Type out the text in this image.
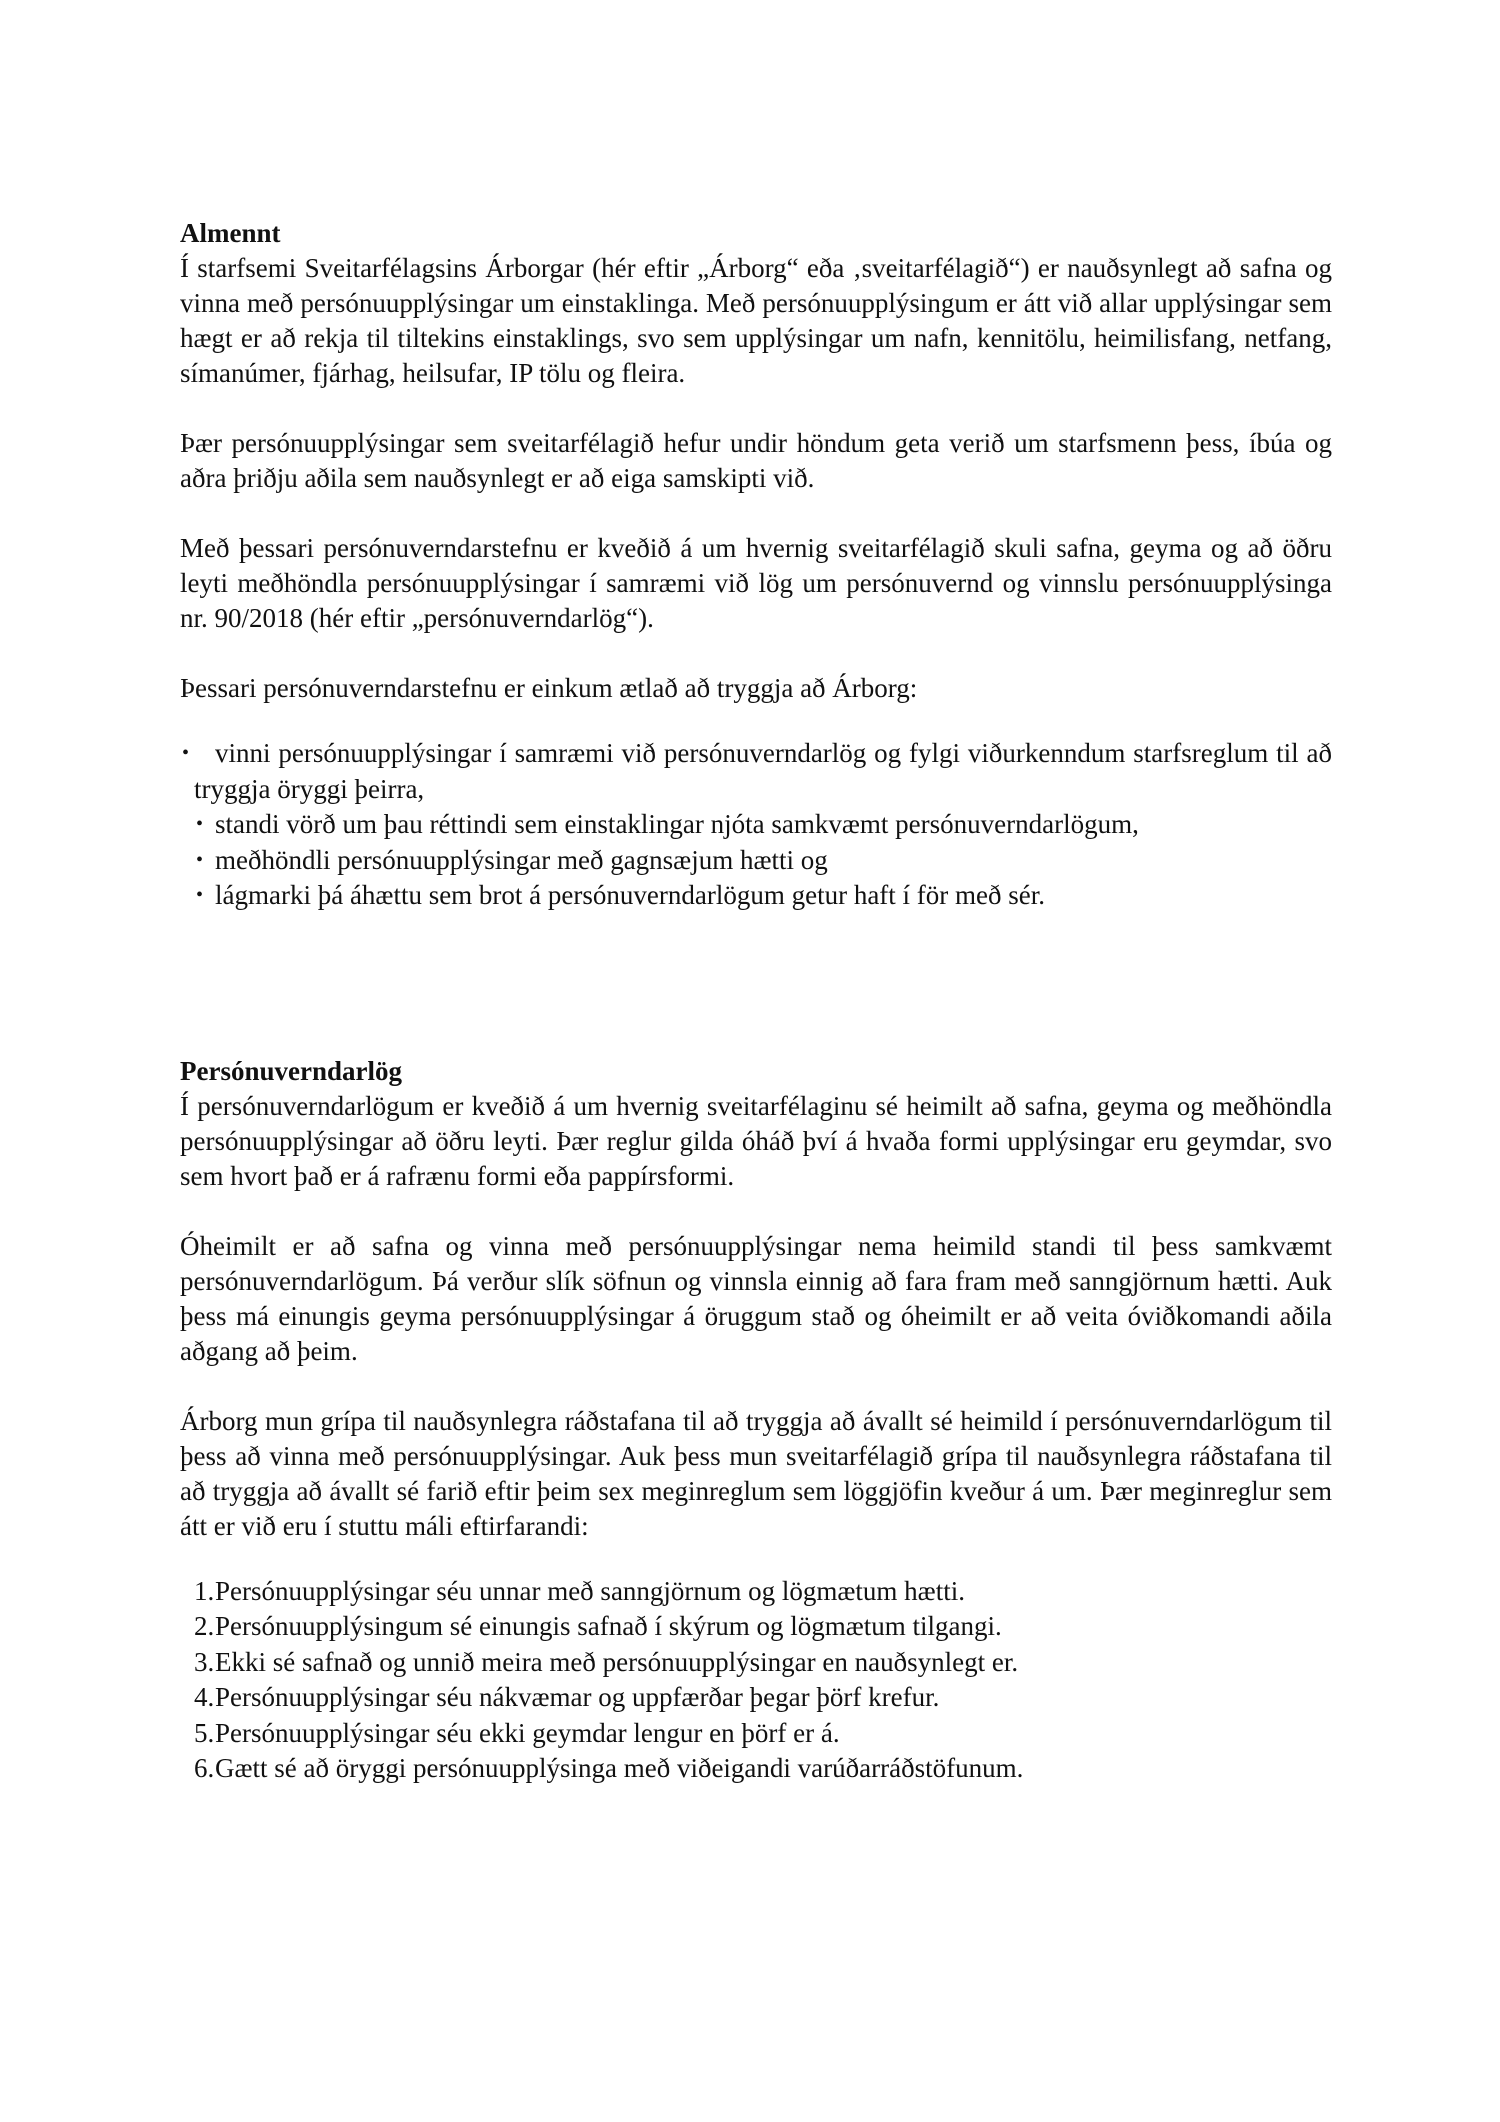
Almennt

Í starfsemi Sveitarfélagsins Árborgar (hér eftir „Árborg“ eða ‚sveitarfélagið“) er nauðsynlegt að safna og vinna með persónuupplýsingar um einstaklinga. Með persónuupplýsingum er átt við allar upplýsingar sem hægt er að rekja til tiltekins einstaklings, svo sem upplýsingar um nafn, kennitölu, heimilisfang, netfang, símanúmer, fjárhag, heilsufar, IP tölu og fleira.

Þær persónuupplýsingar sem sveitarfélagið hefur undir höndum geta verið um starfsmenn þess, íbúa og aðra þriðju aðila sem nauðsynlegt er að eiga samskipti við.

Með þessari persónuverndarstefnu er kveðið á um hvernig sveitarfélagið skuli safna, geyma og að öðru leyti meðhöndla persónuupplýsingar í samræmi við lög um persónuvernd og vinnslu persónuupplýsinga nr. 90/2018 (hér eftir „persónuverndarlög“).

Þessari persónuverndarstefnu er einkum ætlað að tryggja að Árborg:

• vinni persónuupplýsingar í samræmi við persónuverndarlög og fylgi viðurkenndum starfsreglum til að tryggja öryggi þeirra,
• standi vörð um þau réttindi sem einstaklingar njóta samkvæmt persónuverndarlögum,
• meðhöndli persónuupplýsingar með gagnsæjum hætti og
• lágmarki þá áhættu sem brot á persónuverndarlögum getur haft í för með sér.
Persónuverndarlög

Í persónuverndarlögum er kveðið á um hvernig sveitarfélaginu sé heimilt að safna, geyma og meðhöndla persónuupplýsingar að öðru leyti. Þær reglur gilda óháð því á hvaða formi upplýsingar eru geymdar, svo sem hvort það er á rafrænu formi eða pappírsformi.

Óheimilt er að safna og vinna með persónuupplýsingar nema heimild standi til þess samkvæmt persónuverndarlögum. Þá verður slík söfnun og vinnsla einnig að fara fram með sanngjörnum hætti. Auk þess má einungis geyma persónuupplýsingar á öruggum stað og óheimilt er að veita óviðkomandi aðila aðgang að þeim.

Árborg mun grípa til nauðsynlegra ráðstafana til að tryggja að ávallt sé heimild í persónuverndarlögum til þess að vinna með persónuupplýsingar. Auk þess mun sveitarfélagið grípa til nauðsynlegra ráðstafana til að tryggja að ávallt sé farið eftir þeim sex meginreglum sem löggjöfin kveður á um. Þær meginreglur sem átt er við eru í stuttu máli eftirfarandi:

1. Persónuupplýsingar séu unnar með sanngjörnum og lögmætum hætti.
2. Persónuupplýsingum sé einungis safnað í skýrum og lögmætum tilgangi.
3. Ekki sé safnað og unnið meira með persónuupplýsingar en nauðsynlegt er.
4. Persónuupplýsingar séu nákvæmar og uppfærðar þegar þörf krefur.
5. Persónuupplýsingar séu ekki geymdar lengur en þörf er á.
6. Gætt sé að öryggi persónuupplýsinga með viðeigandi varúðarráðstöfunum.
